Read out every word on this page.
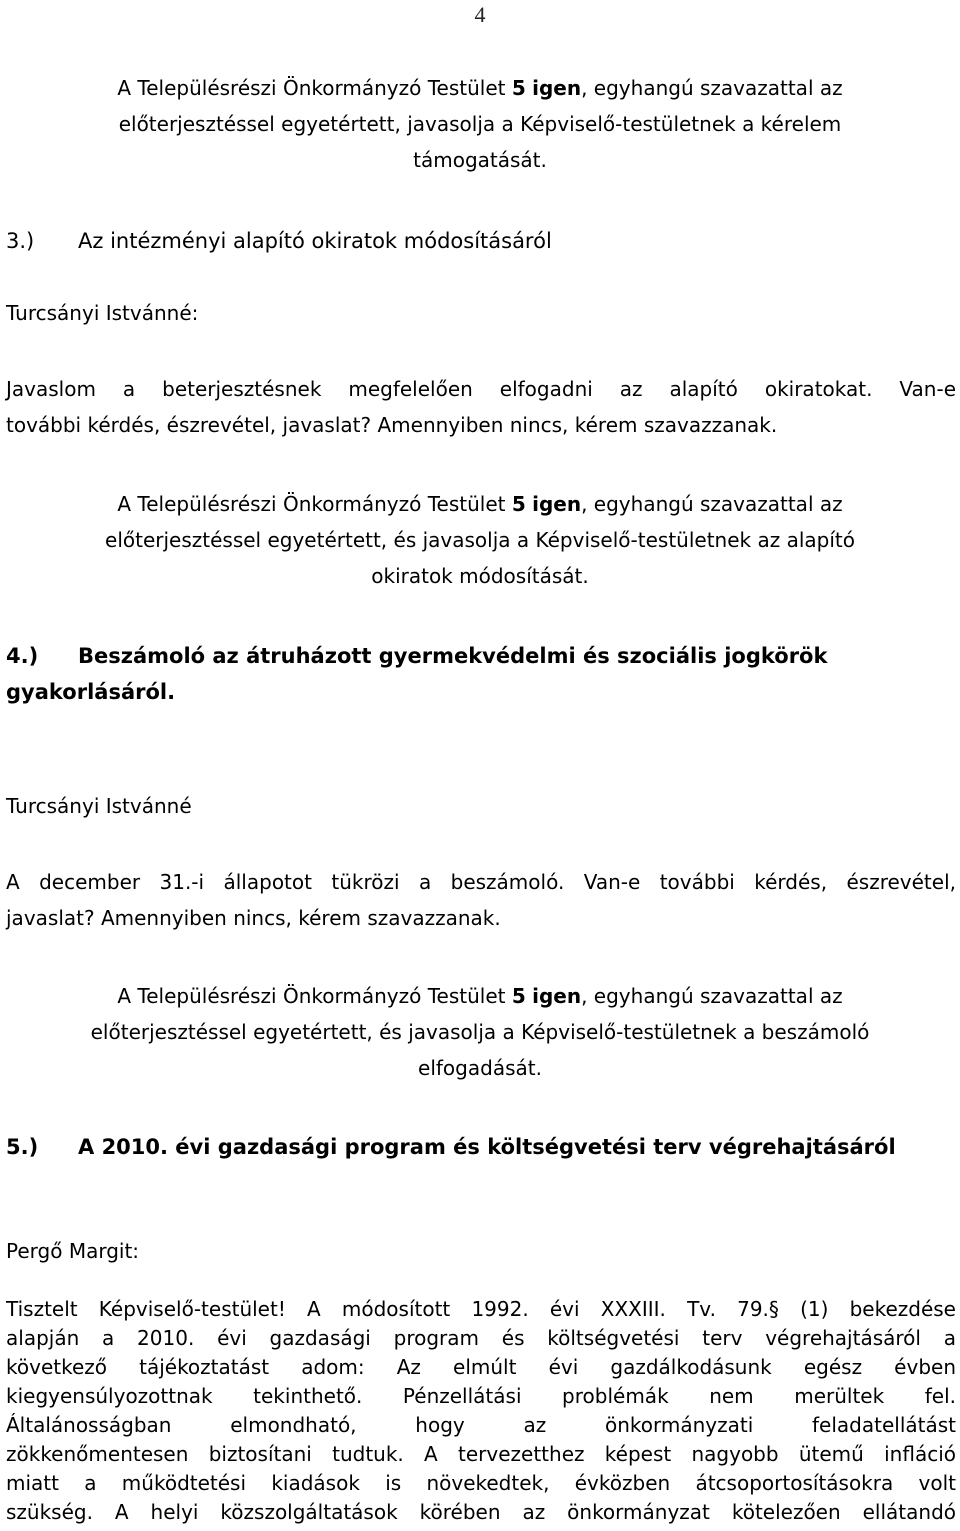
4
A Településrészi Önkormányzó Testület 5 igen, egyhangú szavazattal az
előterjesztéssel egyetértett, javasolja a Képviselő-testületnek a kérelem
támogatását.
3.) Az intézményi alapító okiratok módosításáról
Turcsányi Istvánné:
Javaslom a beterjesztésnek megfelelően elfogadni az alapító okiratokat. Van-e
további kérdés, észrevétel, javaslat? Amennyiben nincs, kérem szavazzanak.
A Településrészi Önkormányzó Testület 5 igen, egyhangú szavazattal az
előterjesztéssel egyetértett, és javasolja a Képviselő-testületnek az alapító
okiratok módosítását.
4.) Beszámoló az átruházott gyermekvédelmi és szociális jogkörök
gyakorlásáról.
Turcsányi Istvánné
A december 31.-i állapotot tükrözi a beszámoló. Van-e további kérdés, észrevétel,
javaslat? Amennyiben nincs, kérem szavazzanak.
A Településrészi Önkormányzó Testület 5 igen, egyhangú szavazattal az
előterjesztéssel egyetértett, és javasolja a Képviselő-testületnek a beszámoló
elfogadását.
5.) A 2010. évi gazdasági program és költségvetési terv végrehajtásáról
Pergő Margit:

Tisztelt Képviselő-testület! A módosított 1992. évi XXXIII. Tv. 79.§ (1) bekezdése

alapján a 2010. évi gazdasági program és költségvetési terv végrehajtásáról a

következő tájékoztatást adom: Az elmúlt évi gazdálkodásunk egész évben

kiegyensúlyozottnak tekinthető. Pénzellátási problémák nem merültek fel.

Általánosságban elmondható, hogy az önkormányzati feladatellátást

zökkenőmentesen biztosítani tudtuk. A tervezetthez képest nagyobb ütemű infláció

miatt a működtetési kiadások is növekedtek, évközben átcsoportosításokra volt

szükség. A helyi közszolgáltatások körében az önkormányzat kötelezően ellátandó
